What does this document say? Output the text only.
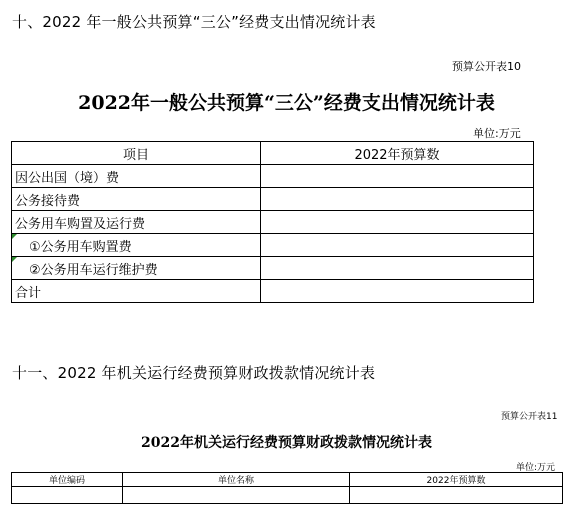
十、2022 年一般公共预算“三公”经费支出情况统计表
预算公开表10
2022年一般公共预算“三公”经费支出情况统计表
单位:万元
项目	2022年预算数
因公出国（境）费	
公务接待费	
公务用车购置及运行费	

①公务用车购置费	

②公务用车运行维护费	
合计	
十一、2022 年机关运行经费预算财政拨款情况统计表
预算公开表11
2022年机关运行经费预算财政拨款情况统计表
单位:万元
单位编码	单位名称	2022年预算数
